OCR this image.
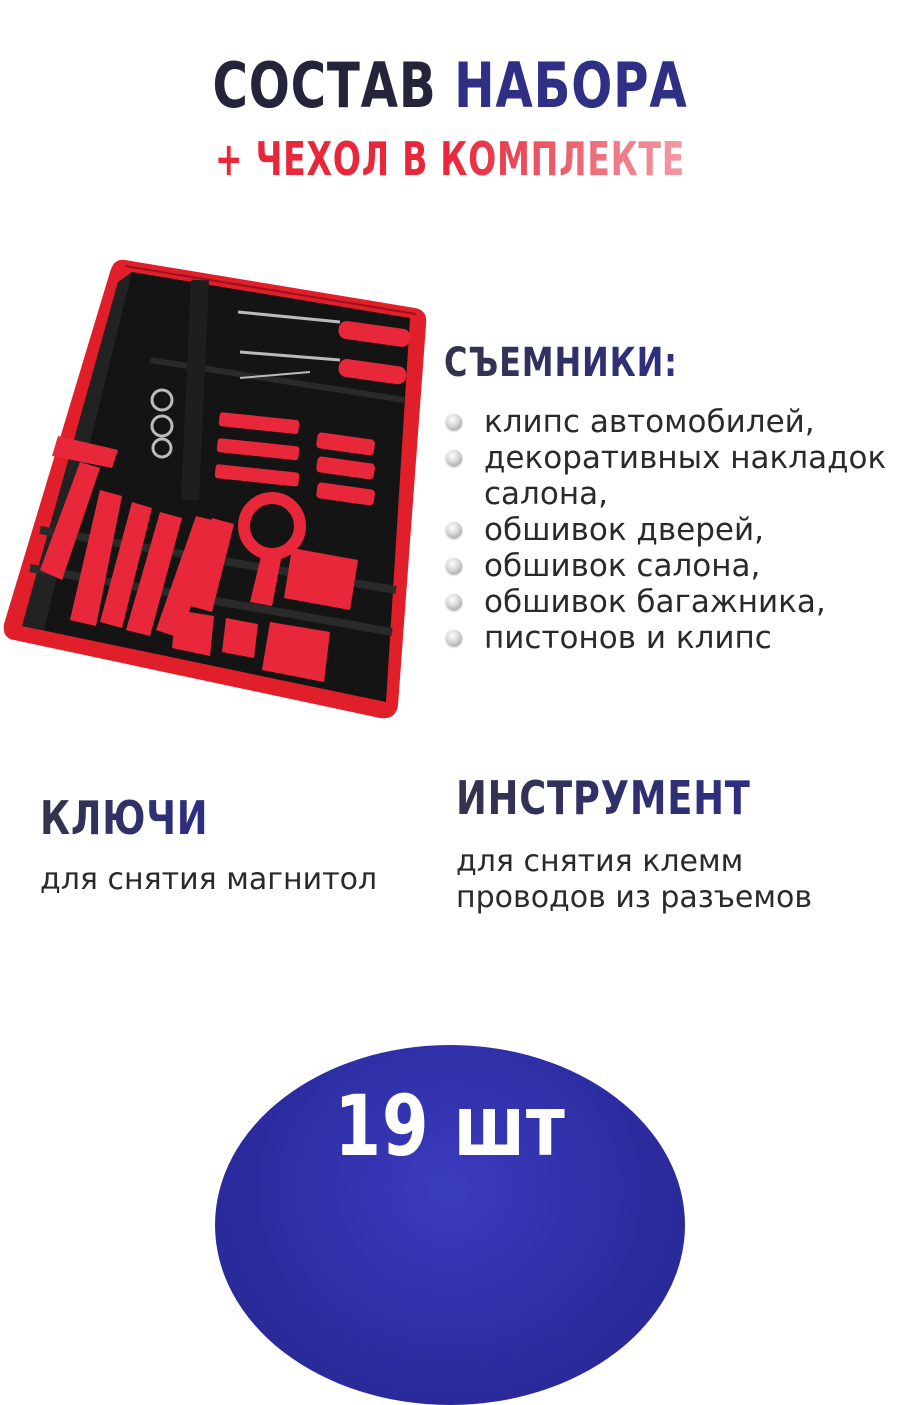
СОСТАВ НАБОРА
+ ЧЕХОЛ В КОМПЛЕКТЕ
СЪЕМНИКИ:
клипс автомобилей,
декоративных накладок
салона,
обшивок дверей,
обшивок салона,
обшивок багажника,
пистонов и клипс
КЛЮЧИ
для снятия магнитол
ИНСТРУМЕНТ
для снятия клемм
проводов из разъемов
19 шт
